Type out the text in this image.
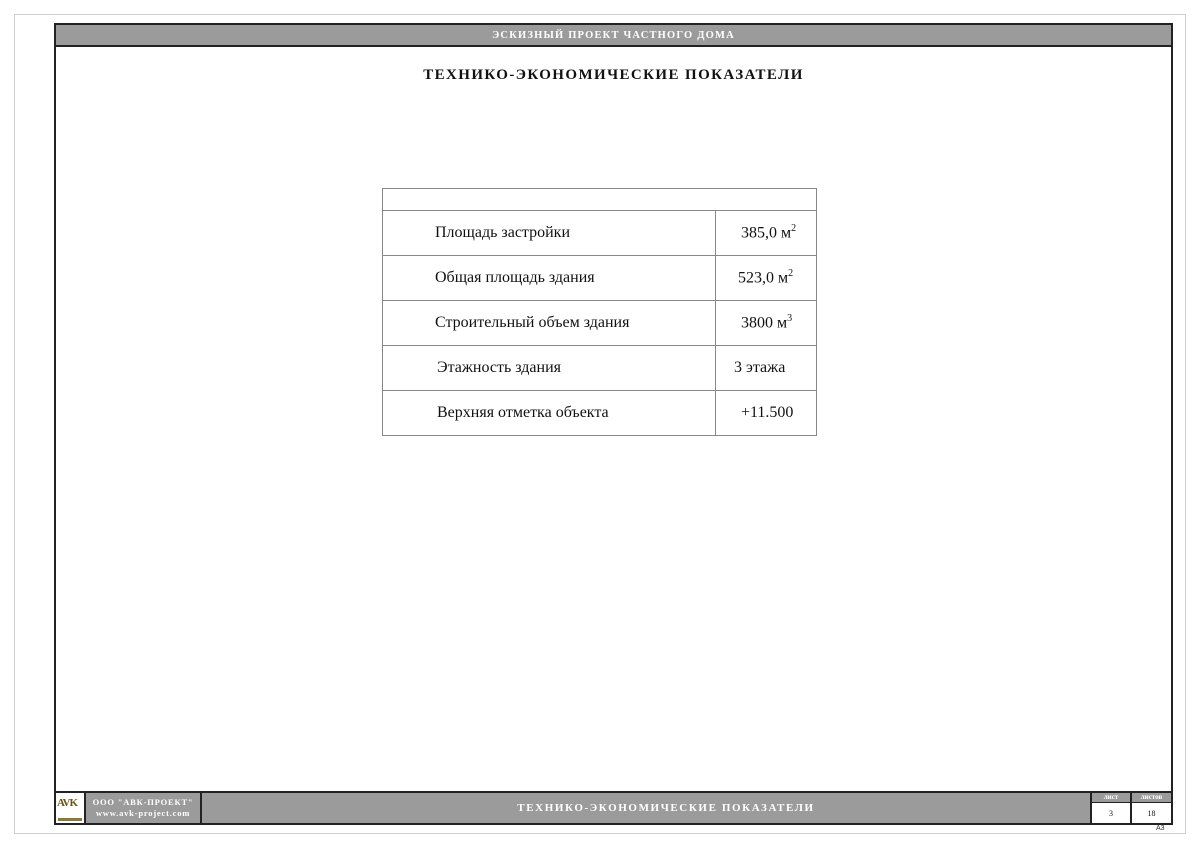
ЭСКИЗНЫЙ ПРОЕКТ ЧАСТНОГО ДОМА
ТЕХНИКО-ЭКОНОМИЧЕСКИЕ ПОКАЗАТЕЛИ

Площадь застройки	385,0 $м^2$
Общая площадь здания	523,0 $м^2$
Строительный объем здания	3800 $м^3$
Этажность здания	3 этажа
Верхняя отметка объекта	+11.500
AVK ООО "АВК-ПРОЕКТ"
www.avk-project.com	ТЕХНИКО-ЭКОНОМИЧЕСКИЕ ПОКАЗАТЕЛИ
лист
3
листов
18
A3
